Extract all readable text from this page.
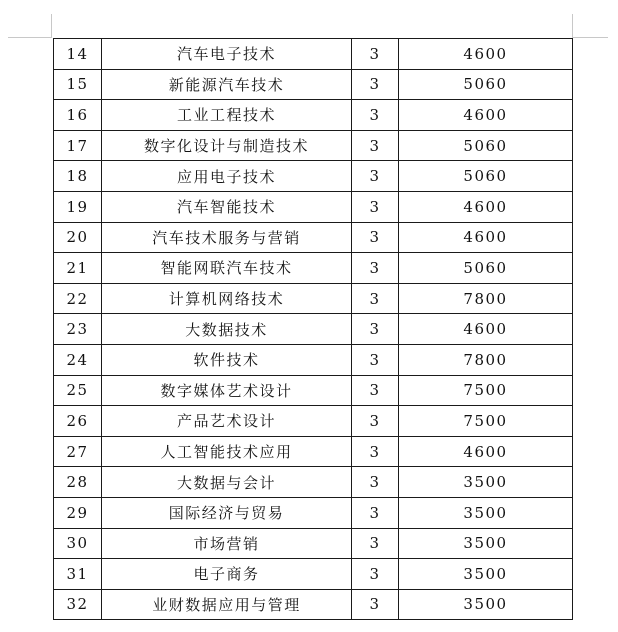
14	汽车电子技术	3	4600
15	新能源汽车技术	3	5060
16	工业工程技术	3	4600
17	数字化设计与制造技术	3	5060
18	应用电子技术	3	5060
19	汽车智能技术	3	4600
20	汽车技术服务与营销	3	4600
21	智能网联汽车技术	3	5060
22	计算机网络技术	3	7800
23	大数据技术	3	4600
24	软件技术	3	7800
25	数字媒体艺术设计	3	7500
26	产品艺术设计	3	7500
27	人工智能技术应用	3	4600
28	大数据与会计	3	3500
29	国际经济与贸易	3	3500
30	市场营销	3	3500
31	电子商务	3	3500
32	业财数据应用与管理	3	3500
